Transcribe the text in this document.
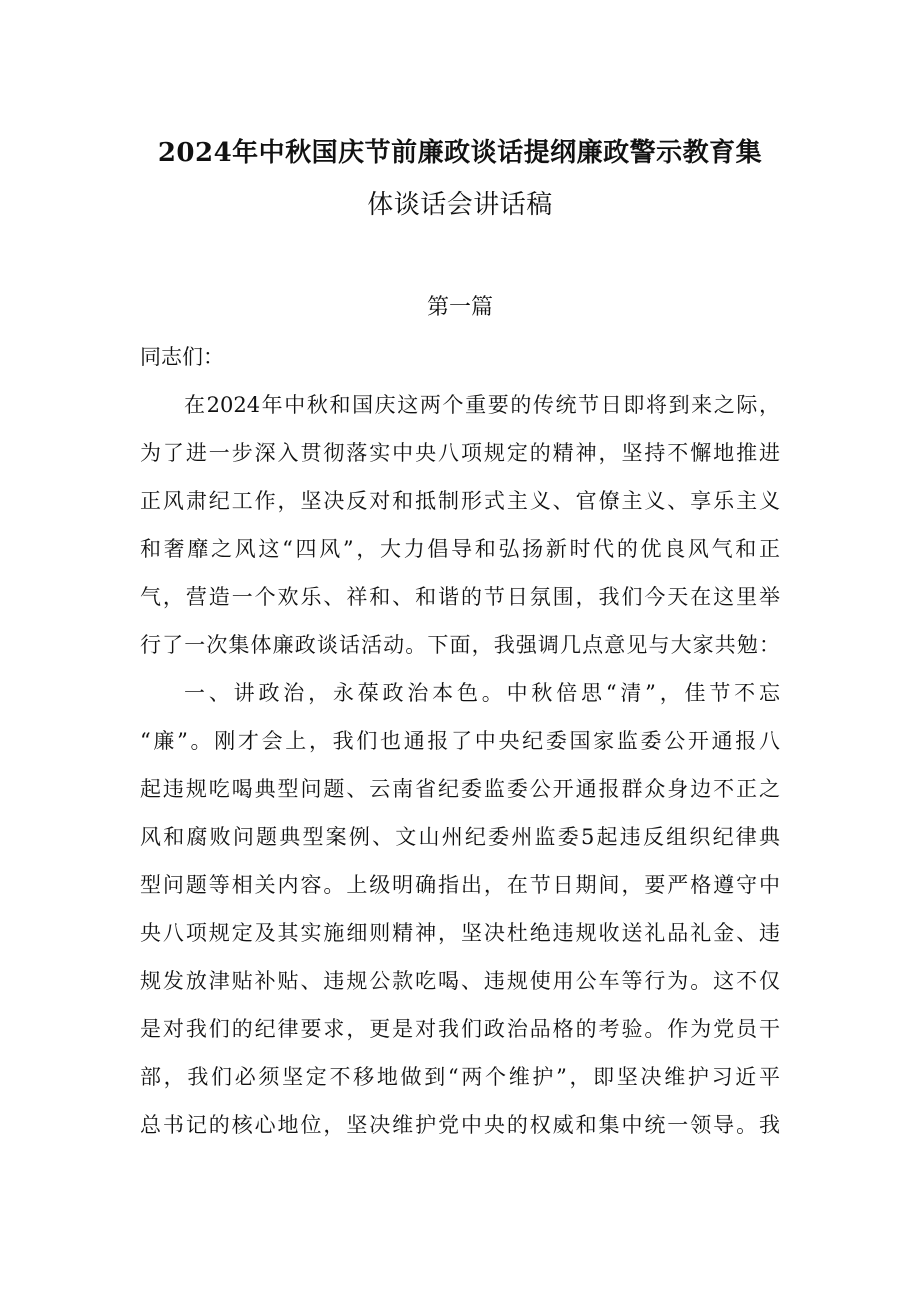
2024年中秋国庆节前廉政谈话提纲廉政警示教育集
体谈话会讲话稿
第一篇
同志们：
在2024年中秋和国庆这两个重要的传统节日即将到来之际，
为了进一步深入贯彻落实中央八项规定的精神，坚持不懈地推进
正风肃纪工作，坚决反对和抵制形式主义、官僚主义、享乐主义
和奢靡之风这“四风”，大力倡导和弘扬新时代的优良风气和正
气，营造一个欢乐、祥和、和谐的节日氛围，我们今天在这里举
行了一次集体廉政谈话活动。下面，我强调几点意见与大家共勉：
一、讲政治，永葆政治本色。中秋倍思“清”，佳节不忘
“廉”。刚才会上，我们也通报了中央纪委国家监委公开通报八
起违规吃喝典型问题、云南省纪委监委公开通报群众身边不正之
风和腐败问题典型案例、文山州纪委州监委5起违反组织纪律典
型问题等相关内容。上级明确指出，在节日期间，要严格遵守中
央八项规定及其实施细则精神，坚决杜绝违规收送礼品礼金、违
规发放津贴补贴、违规公款吃喝、违规使用公车等行为。这不仅
是对我们的纪律要求，更是对我们政治品格的考验。作为党员干
部，我们必须坚定不移地做到“两个维护”，即坚决维护习近平
总书记的核心地位，坚决维护党中央的权威和集中统一领导。我
